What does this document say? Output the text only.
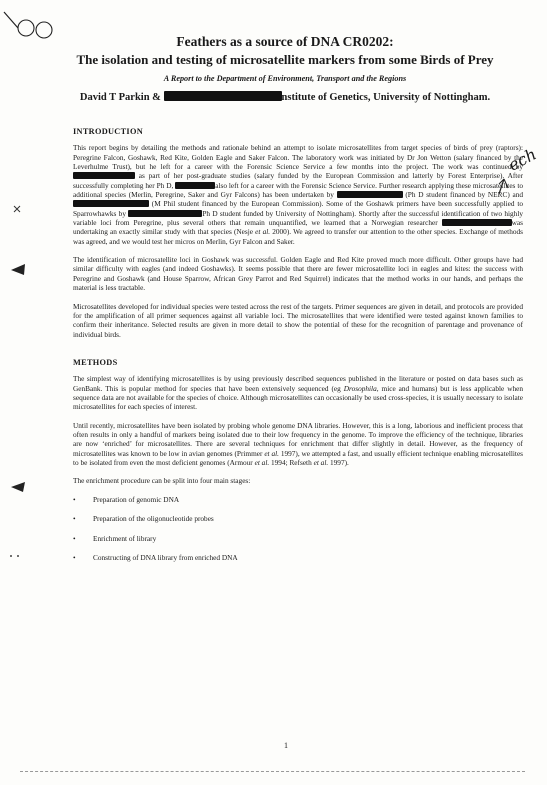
ech
Feathers as a source of DNA CR0202:
The isolation and testing of microsatellite markers from some Birds of Prey
A Report to the Department of Environment, Transport and the Regions
David T Parkin &	nstitute of Genetics, University of Nottingham.
INTRODUCTION

This report begins by detailing the methods and rationale behind an attempt to isolate microsatellites from target species of birds of prey (raptors): Peregrine Falcon, Goshawk, Red Kite, Golden Eagle and Saker Falcon. The laboratory work was initiated by Dr Jon Wetton (salary financed by the Leverhulme Trust), but he left for a career with the Forensic Science Service a few months into the project. The work was continued by  as part of her post-graduate studies (salary funded by the European Commission and latterly by Forest Enterprise). After successfully completing her Ph D,	also left for a career with the Forensic Science Service. Further research applying these microsatellites to additional species (Merlin, Peregrine, Saker and Gyr Falcons) has been undertaken by	(Ph D student financed by NERC) and  (M Phil student financed by the European Commission). Some of the Goshawk primers have been successfully applied to Sparrowhawks by	Ph D student funded by University of Nottingham). Shortly after the successful identification of two highly variable loci from Peregrine, plus several others that remain unquantified, we learned that a Norwegian researcher	was undertaking an exactly similar study with that species (Nesje et al. 2000). We agreed to transfer our attention to the other species. Exchange of methods was agreed, and we would test her micros on Merlin, Gyr Falcon and Saker.

The identification of microsatellite loci in Goshawk was successful. Golden Eagle and Red Kite proved much more difficult. Other groups have had similar difficulty with eagles (and indeed Goshawks). It seems possible that there are fewer microsatellite loci in eagles and kites: the success with Peregrine and Goshawk (and House Sparrow, African Grey Parrot and Red Squirrel) indicates that the method works in our hands, and perhaps the material is less tractable.

Microsatellites developed for individual species were tested across the rest of the targets. Primer sequences are given in detail, and protocols are provided for the amplification of all primer sequences against all variable loci. The microsatellites that were identified were tested against known families to confirm their inheritance. Selected results are given in more detail to show the potential of these for the recognition of parentage and provenance of individual birds.

METHODS

The simplest way of identifying microsatellites is by using previously described sequences published in the literature or posted on data bases such as GenBank. This is popular method for species that have been extensively sequenced (eg Drosophila, mice and humans) but is less applicable when sequence data are not available for the species of choice. Although microsatellites can occasionally be used cross-species, it is usually necessary to isolate microsatellites for each species of interest.

Until recently, microsatellites have been isolated by probing whole genome DNA libraries. However, this is a long, laborious and inefficient process that often results in only a handful of markers being isolated due to their low frequency in the genome. To improve the efficiency of the technique, libraries are now ‘enriched’ for microsatellites. There are several techniques for enrichment that differ slightly in detail. However, as the frequency of microsatellites was known to be low in avian genomes (Primmer et al. 1997), we attempted a fast, and usually efficient technique enabling microsatellites to be isolated from even the most deficient genomes (Armour et al. 1994; Refseth et al. 1997).

The enrichment procedure can be split into four main stages:

• Preparation of genomic DNA
• Preparation of the oligonucleotide probes
• Enrichment of library
• Constructing of DNA library from enriched DNA
1
